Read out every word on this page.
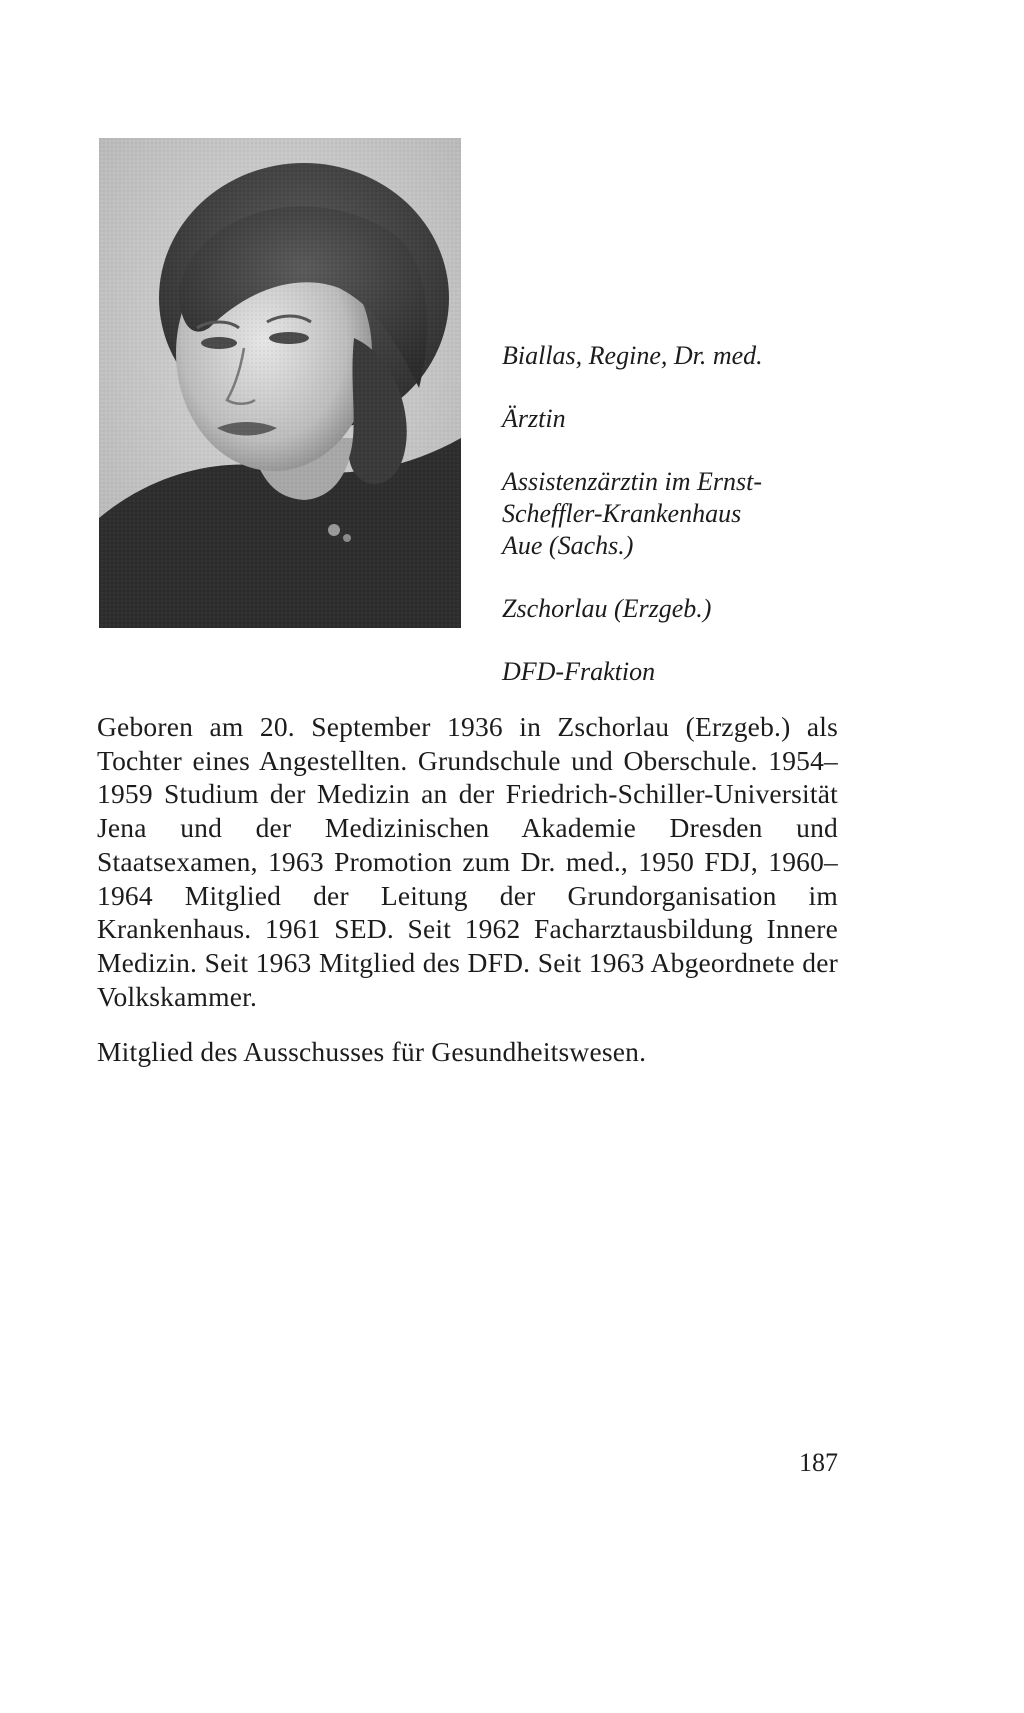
Biallas, Regine, Dr. med.

Ärztin

Assistenzärztin im Ernst-

Scheffler-Krankenhaus

Aue (Sachs.)

Zschorlau (Erzgeb.)

DFD-Fraktion

Geboren am 20. September 1936 in Zschorlau (Erzgeb.) als Tochter eines Angestellten. Grundschule und Oberschule. 1954–1959 Studium der Medizin an der Friedrich-Schiller-Universität Jena und der Medizinischen Akademie Dresden und Staatsexamen, 1963 Promotion zum Dr. med., 1950 FDJ, 1960–1964 Mitglied der Leitung der Grundorganisation im Krankenhaus. 1961 SED. Seit 1962 Facharztausbildung Innere Medizin. Seit 1963 Mitglied des DFD. Seit 1963 Abgeordnete der Volkskammer.

Mitglied des Ausschusses für Gesundheitswesen.

187
